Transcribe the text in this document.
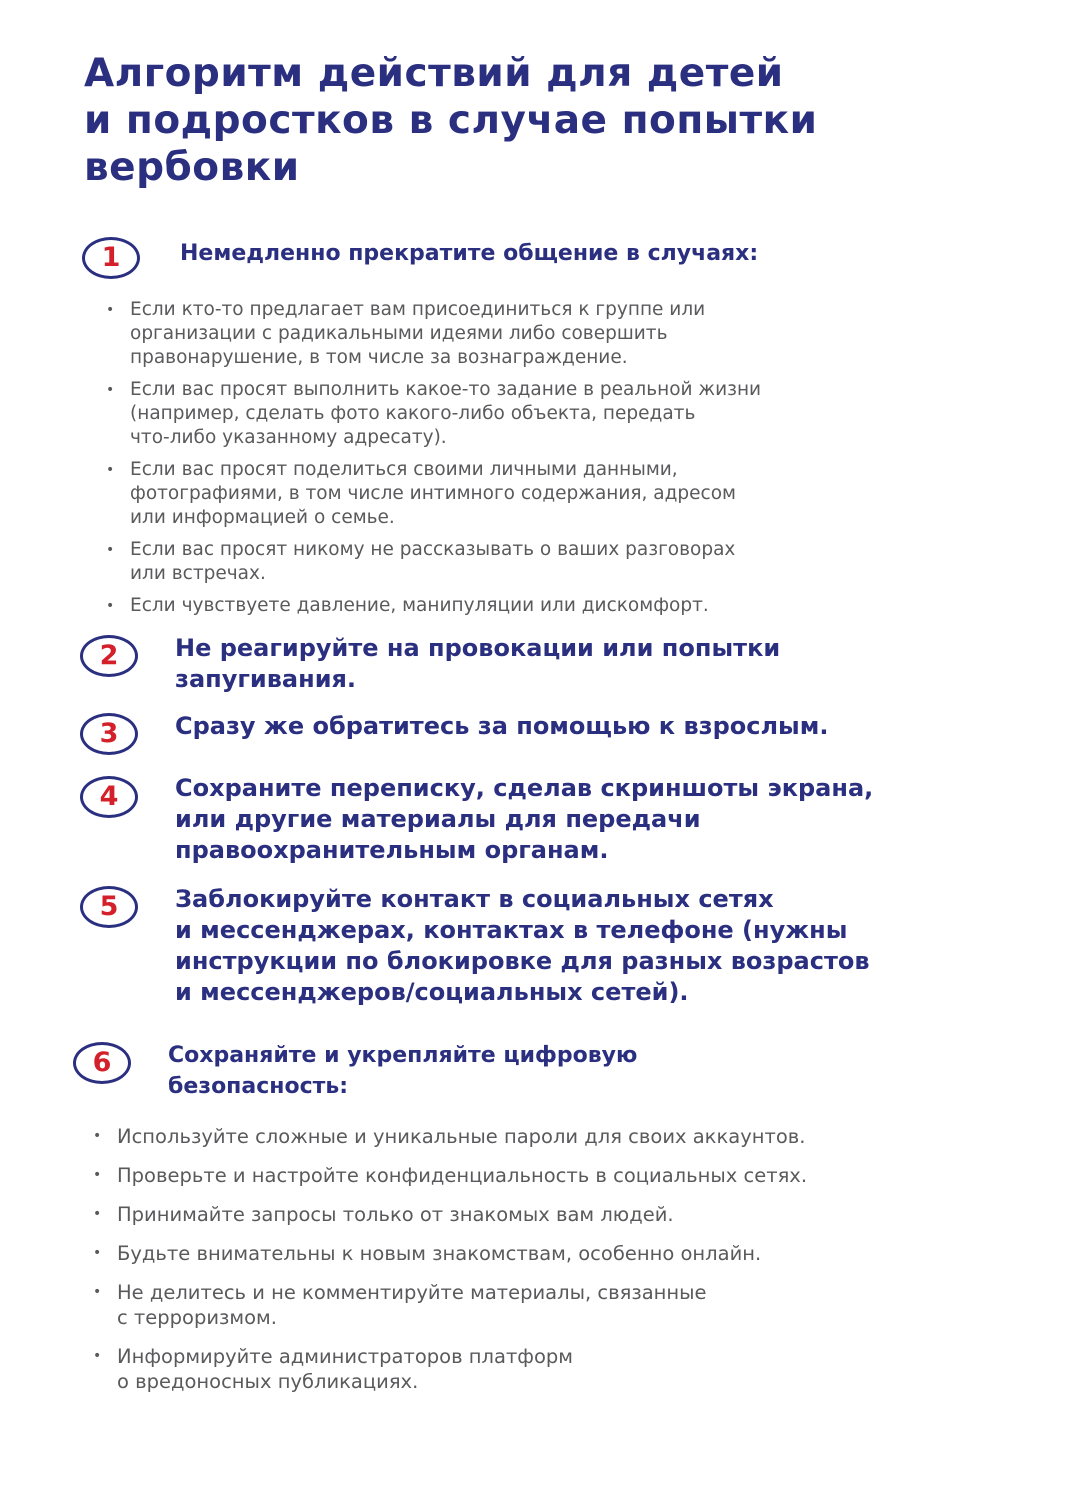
Алгоритм действий для детей
и подростков в случае попытки
вербовки
1	Немедленно прекратите общение в случаях:
• Если кто-то предлагает вам присоединиться к группе или
организации с радикальными идеями либо совершить
правонарушение, в том числе за вознаграждение.
• Если вас просят выполнить какое-то задание в реальной жизни
(например, сделать фото какого-либо объекта, передать
что-либо указанному адресату).
• Если вас просят поделиться своими личными данными,
фотографиями, в том числе интимного содержания, адресом
или информацией о семье.
• Если вас просят никому не рассказывать о ваших разговорах
или встречах.
• Если чувствуете давление, манипуляции или дискомфорт.
2	Не реагируйте на провокации или попытки
запугивания.
3	Сразу же обратитесь за помощью к взрослым.
4	Сохраните переписку, сделав скриншоты экрана,
или другие материалы для передачи
правоохранительным органам.
5	Заблокируйте контакт в социальных сетях
и мессенджерах, контактах в телефоне (нужны
инструкции по блокировке для разных возрастов
и мессенджеров/социальных сетей).
6	Сохраняйте и укрепляйте цифровую
безопасность:
• Используйте сложные и уникальные пароли для своих аккаунтов.
• Проверьте и настройте конфиденциальность в социальных сетях.
• Принимайте запросы только от знакомых вам людей.
• Будьте внимательны к новым знакомствам, особенно онлайн.
• Не делитесь и не комментируйте материалы, связанные
с терроризмом.
• Информируйте администраторов платформ
о вредоносных публикациях.
